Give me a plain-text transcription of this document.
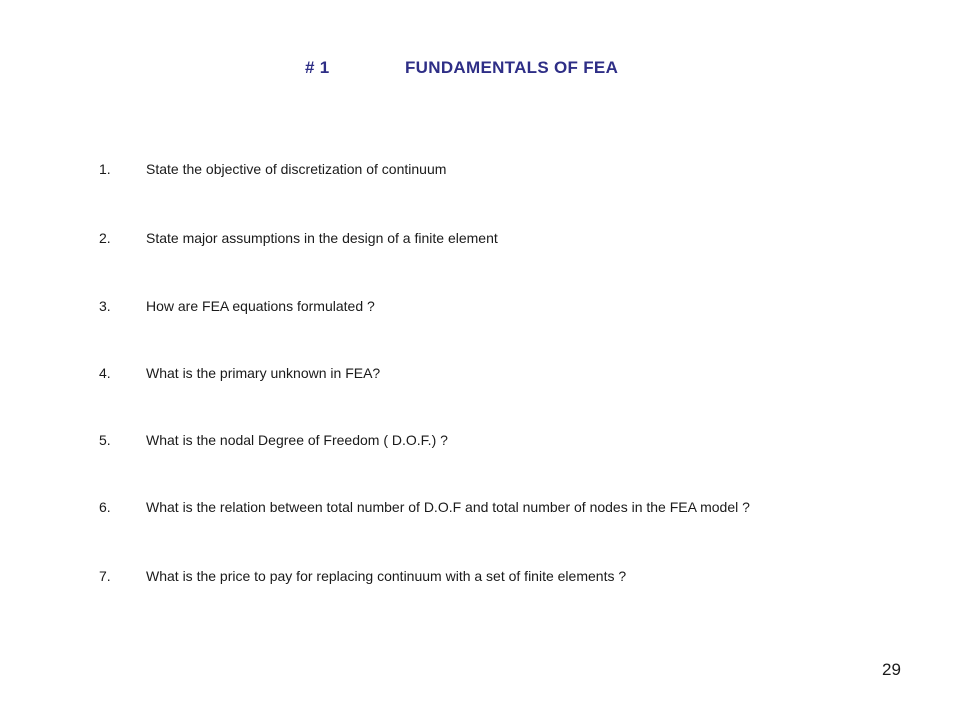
# 1	FUNDAMENTALS OF FEA
1.	State the objective of discretization of continuum
2.	State major assumptions in the design of a finite element
3.	How are FEA equations formulated ?
4.	What is the primary unknown in FEA?
5.	What is the nodal Degree of Freedom ( D.O.F.) ?
6.	What is the relation between total number of D.O.F and total number of nodes in the FEA model ?
7.	What is the price to pay for replacing continuum with a set of finite elements ?
29
